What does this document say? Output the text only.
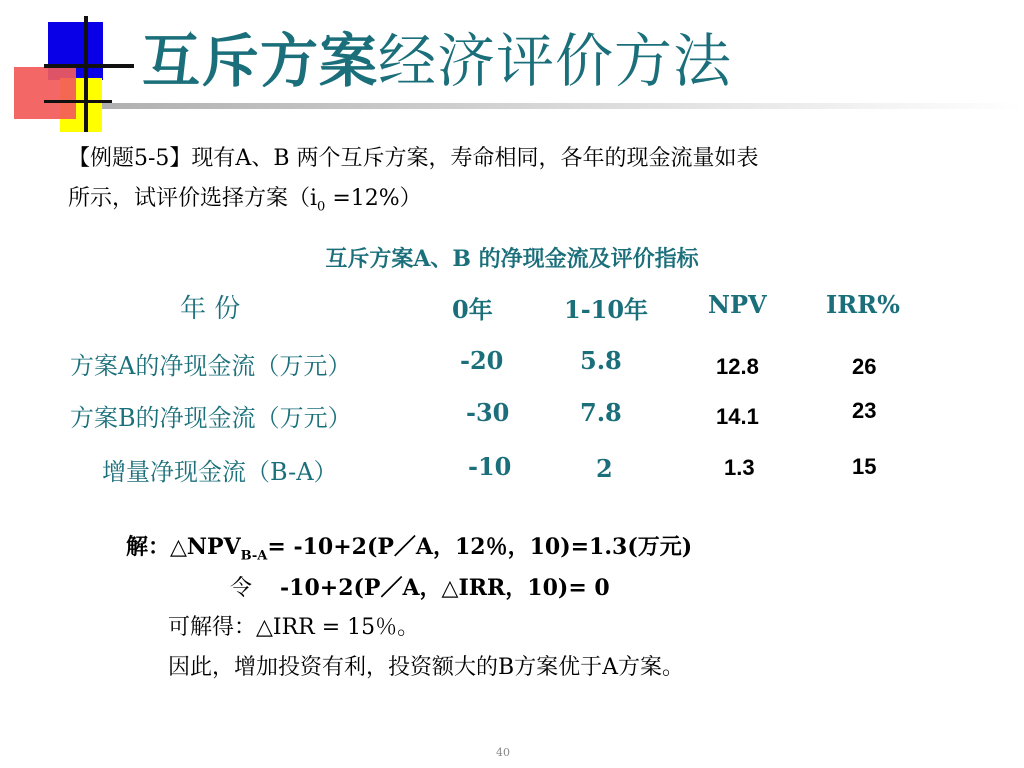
互斥方案经济评价方法
【例题5-5】现有A、B 两个互斥方案，寿命相同，各年的现金流量如表
所示，试评价选择方案$(i_0 =12\%)$
互斥方案A、B 的净现金流及评价指标
年 份	0年	1-10年 NPV IRR%
方案A的净现金流（万元）	-20	5.8	12.8	26
方案B的净现金流（万元）	-30	7.8	14.1	23
增量净现金流（B-A）	-10	2	1.3	15
解：$\triangle NPV_{B-A}=$ -10+2(P／A，12％，10)=1.3(万元)
令 -10+2(P／A，△IRR，10)= 0
可解得：△IRR = 15％。
因此，增加投资有利，投资额大的B方案优于A方案。
40
